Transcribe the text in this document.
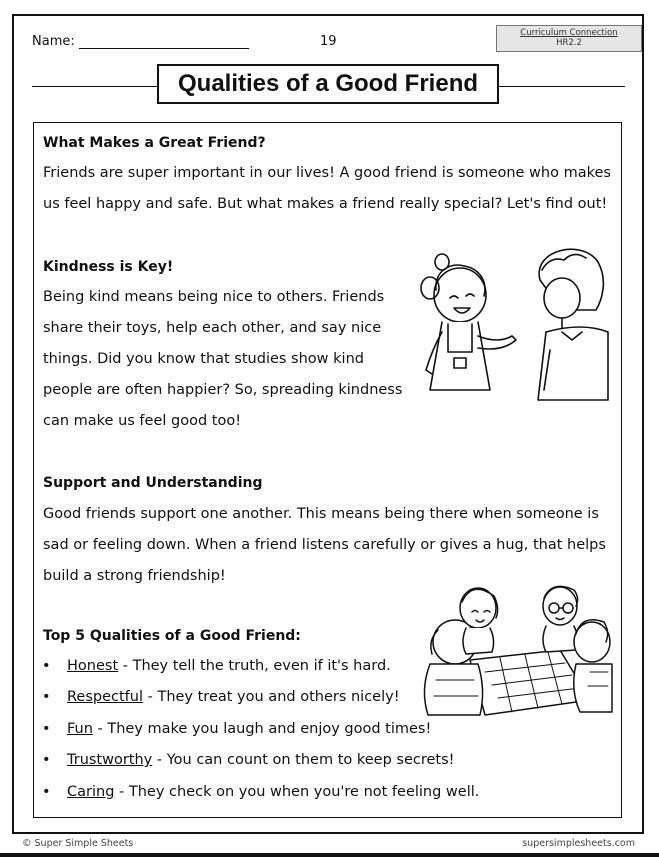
Name:	19
Curriculum Connection
HR2.2
Qualities of a Good Friend
What Makes a Great Friend?
Friends are super important in our lives! A good friend is someone who makes
us feel happy and safe. But what makes a friend really special? Let's find out!
Kindness is Key!
Being kind means being nice to others. Friends
share their toys, help each other, and say nice
things. Did you know that studies show kind
people are often happier? So, spreading kindness
can make us feel good too!
Support and Understanding
Good friends support one another. This means being there when someone is
sad or feeling down. When a friend listens carefully or gives a hug, that helps
build a strong friendship!
Top 5 Qualities of a Good Friend:
• Honest - They tell the truth, even if it's hard.
• Respectful - They treat you and others nicely!
• Fun - They make you laugh and enjoy good times!
• Trustworthy - You can count on them to keep secrets!
• Caring - They check on you when you're not feeling well.
© Super Simple Sheets	supersimplesheets.com
